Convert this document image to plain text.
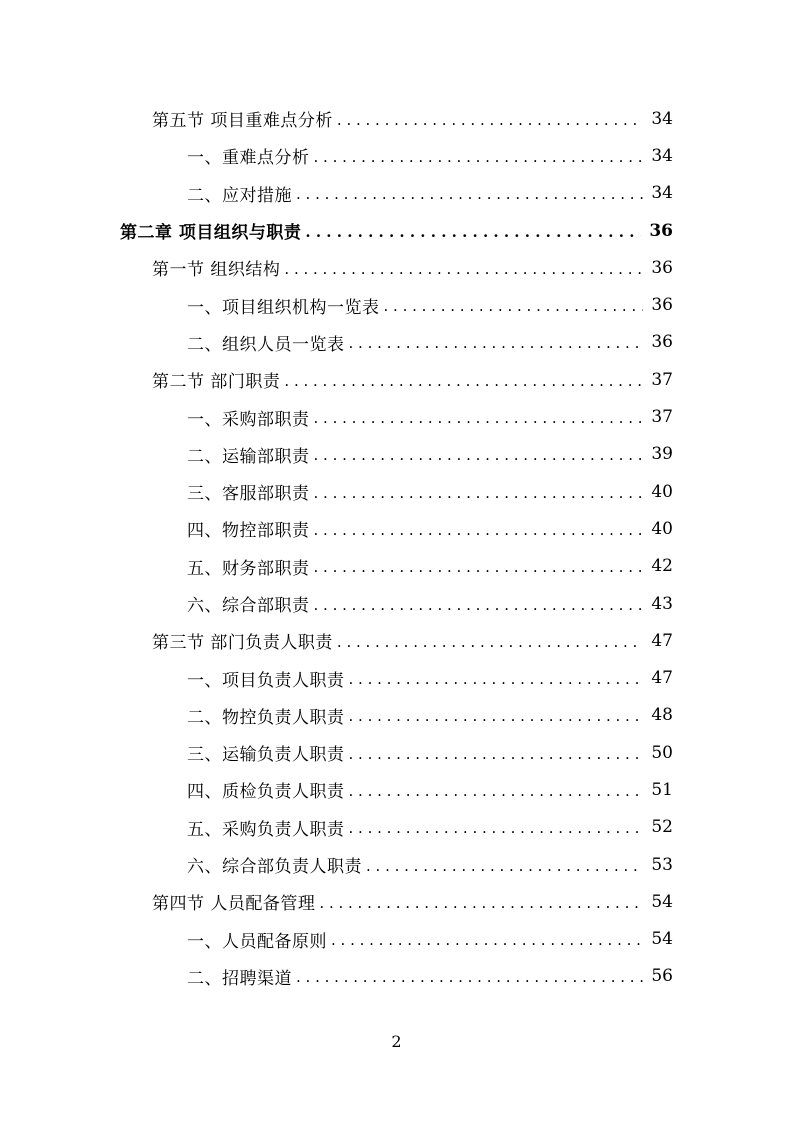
第五节 项目重难点分析 . . .	34
一、重难点分析 . . .	34
二、应对措施 . . .	34
第二章 项目组织与职责 . . .	36
第一节 组织结构 . . .	36
一、项目组织机构一览表 . . .	36
二、组织人员一览表 . . .	36
第二节 部门职责 . . .	37
一、采购部职责 . . .	37
二、运输部职责 . . .	39
三、客服部职责 . . .	40
四、物控部职责 . . .	40
五、财务部职责 . . .	42
六、综合部职责 . . .	43
第三节 部门负责人职责 . . .	47
一、项目负责人职责 . . .	47
二、物控负责人职责 . . .	48
三、运输负责人职责 . . .	50
四、质检负责人职责 . . .	51
五、采购负责人职责 . . .	52
六、综合部负责人职责 . . .	53
第四节 人员配备管理 . . .	54
一、人员配备原则 . . .	54
二、招聘渠道 . . .	56
2
